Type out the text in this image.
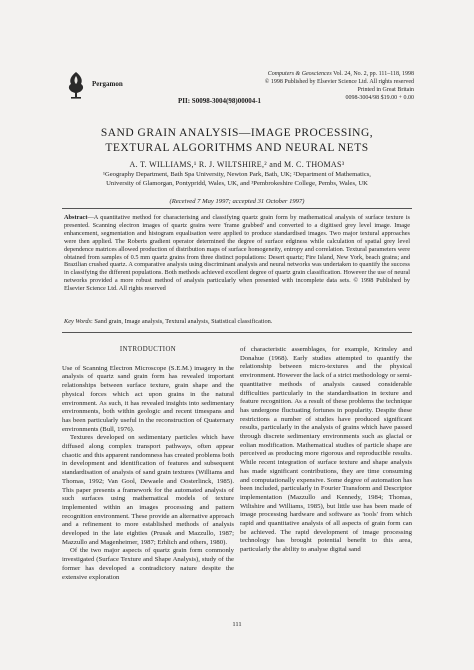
Pergamon
Computers & Geosciences Vol. 24, No. 2, pp. 111–118, 1998
© 1998 Published by Elsevier Science Ltd. All rights reserved
Printed in Great Britain
0098-3004/98 $19.00 + 0.00
PII: S0098-3004(98)00004-1
SAND GRAIN ANALYSIS—IMAGE PROCESSING,
TEXTURAL ALGORITHMS AND NEURAL NETS
A. T. WILLIAMS,¹ R. J. WILTSHIRE,² and M. C. THOMAS³
¹Geography Department, Bath Spa University, Newton Park, Bath, UK; ²Department of Mathematics,
University of Glamorgan, Pontypridd, Wales, UK, and ³Pembrokeshire College, Pembs, Wales, UK
(Received 7 May 1997; accepted 31 October 1997)
Abstract—A quantitative method for characterising and classifying quartz grain form by mathematical analysis of surface texture is presented. Scanning electron images of quartz grains were 'frame grabbed' and converted to a digitised grey level image. Image enhancement, segmentation and histogram equalisation were applied to produce standardised images. Two major textural approaches were then applied. The Roberts gradient operator determined the degree of surface edginess while calculation of spatial grey level dependence matrices allowed production of distribution maps of surface homogeneity, entropy and correlation. Textural parameters were obtained from samples of 0.5 mm quartz grains from three distinct populations: Desert quartz; Fire Island, New York, beach grains; and Brazilian crushed quartz. A comparative analysis using discriminant analysis and neural networks was undertaken to quantify the success in classifying the different populations. Both methods achieved excellent degree of quartz grain classification. However the use of neural networks provided a more robust method of analysis particularly when presented with incomplete data sets. © 1998 Published by Elsevier Science Ltd. All rights reserved
Key Words: Sand grain, Image analysis, Textural analysis, Statistical classification.
INTRODUCTION

Use of Scanning Electron Microscope (S.E.M.) imagery in the analysis of quartz sand grain form has revealed important relationships between surface texture, grain shape and the physical forces which act upon grains in the natural environment. As such, it has revealed insights into sedimentary environments, both within geologic and recent timespans and has been particularly useful in the reconstruction of Quaternary environments (Bull, 1976).

Textures developed on sedimentary particles which have diffused along complex transport pathways, often appear chaotic and this apparent randomness has created problems both in development and identification of features and subsequent standardisation of analysis of sand grain textures (Williams and Thomas, 1992; Van Gool, Dewaele and Oosterlinck, 1985). This paper presents a framework for the automated analysis of such surfaces using mathematical models of texture implemented within an images processing and pattern recognition environment. These provide an alternative approach and a refinement to more established methods of analysis developed in the late eighties (Prusak and Mazzullo, 1987; Mazzullo and Magenheimer, 1987; Erhlich and others, 1980).

Of the two major aspects of quartz grain form commonly investigated (Surface Texture and Shape Analysis), study of the former has developed a contradictory nature despite the extensive exploration

of characteristic assemblages, for example, Krinsley and Donahue (1968). Early studies attempted to quantify the relationship between micro-textures and the physical environment. However the lack of a strict methodology or semi-quantitative methods of analysis caused considerable difficulties particularly in the standardisation in texture and feature recognition. As a result of these problems the technique has undergone fluctuating fortunes in popularity. Despite these restrictions a number of studies have produced significant results, particularly in the analysis of grains which have passed through discrete sedimentary environments such as glacial or eolian modification. Mathematical studies of particle shape are perceived as producing more rigorous and reproducible results. While recent integration of surface texture and shape analysis has made significant contributions, they are time consuming and computationally expensive. Some degree of automation has been included, particularly in Fourier Transform and Descriptor implementation (Mazzullo and Kennedy, 1984; Thomas, Wiltshire and Williams, 1985), but little use has been made of image processing hardware and software as 'tools' from which rapid and quantitative analysis of all aspects of grain form can be achieved. The rapid development of image processing technology has brought potential benefit to this area, particularly the ability to analyse digital sand

111
